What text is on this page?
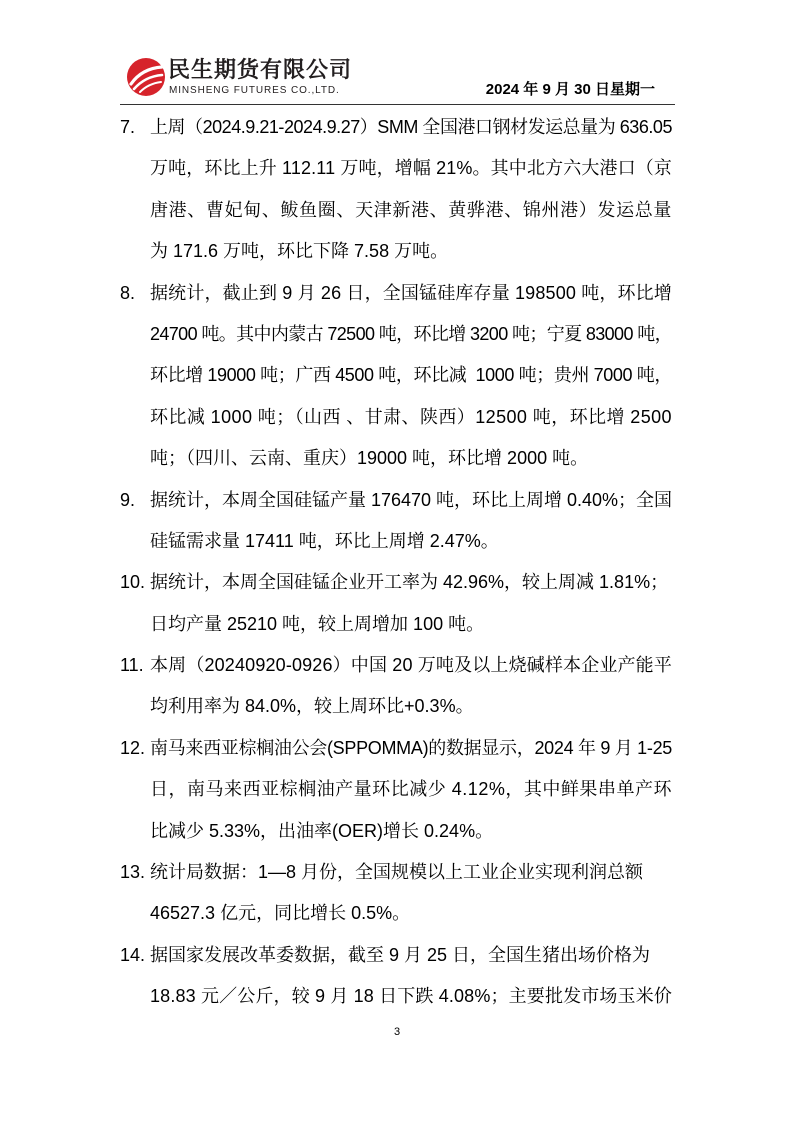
民生期货有限公司
MINSHENG FUTURES CO.,LTD.	2024 年 9 月 30 日星期一
7. 上周（2024.9.21-2024.9.27）SMM 全国港口钢材发运总量为 636.05
万吨，环比上升 112.11 万吨，增幅 21%。其中北方六大港口（京
唐港、曹妃甸、鲅鱼圈、天津新港、黄骅港、锦州港）发运总量
为 171.6 万吨，环比下降 7.58 万吨。
8. 据统计，截止到 9 月 26 日，全国锰硅库存量 198500 吨，环比增
24700 吨。其中内蒙古 72500 吨，环比增 3200 吨；宁夏 83000 吨，
环比增 19000 吨；广西 4500 吨，环比减  1000 吨；贵州 7000 吨，
环比减 1000 吨；（山西 、甘肃、陕西）12500 吨，环比增 2500
吨；（四川、云南、重庆）19000 吨，环比增 2000 吨。
9. 据统计，本周全国硅锰产量 176470 吨，环比上周增 0.40%；全国
硅锰需求量 17411 吨，环比上周增 2.47%。
10. 据统计，本周全国硅锰企业开工率为 42.96%，较上周减 1.81%；
日均产量 25210 吨，较上周增加 100 吨。
11. 本周（20240920-0926）中国 20 万吨及以上烧碱样本企业产能平
均利用率为 84.0%，较上周环比+0.3%。
12. 南马来西亚棕榈油公会(SPPOMMA)的数据显示，2024 年 9 月 1-25
日，南马来西亚棕榈油产量环比减少 4.12%，其中鲜果串单产环
比减少 5.33%，出油率(OER)增长 0.24%。
13. 统计局数据：1—8 月份，全国规模以上工业企业实现利润总额
46527.3 亿元，同比增长 0.5%。
14. 据国家发展改革委数据，截至 9 月 25 日，全国生猪出场价格为
18.83 元／公斤，较 9 月 18 日下跌 4.08%；主要批发市场玉米价
3
